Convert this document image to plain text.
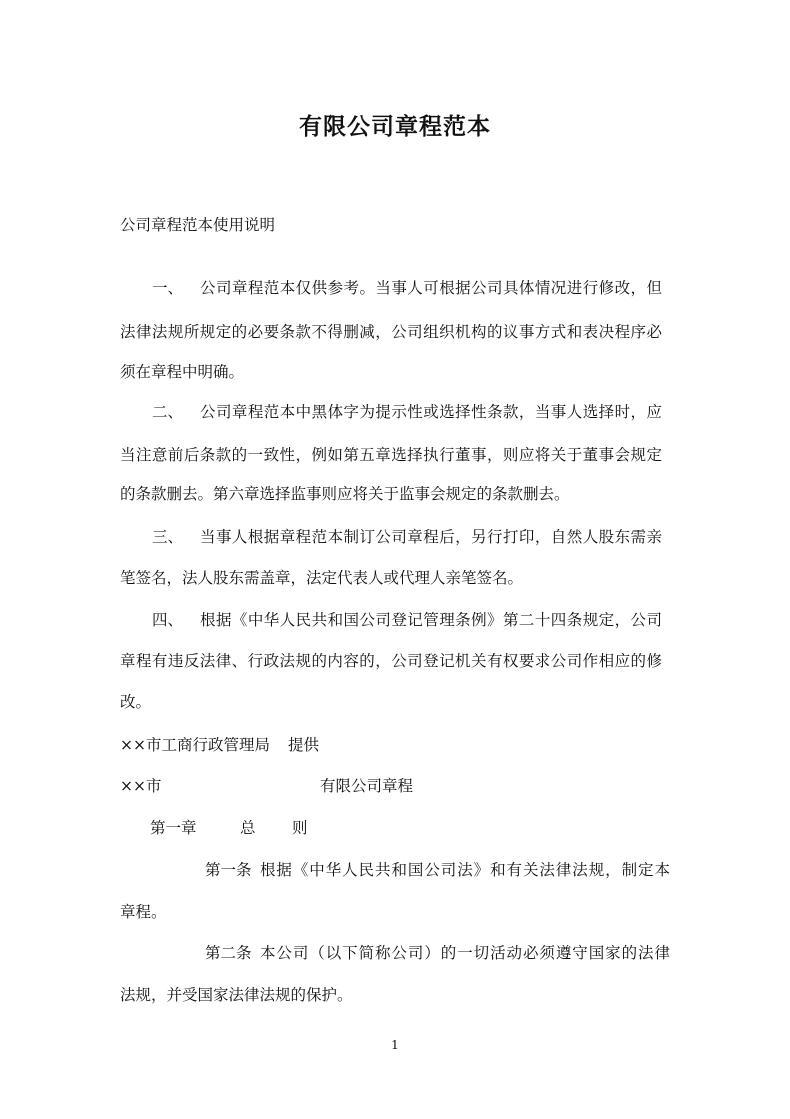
有限公司章程范本
公司章程范本使用说明
一、 公司章程范本仅供参考。当事人可根据公司具体情况进行修改，但
法律法规所规定的必要条款不得删减，公司组织机构的议事方式和表决程序必
须在章程中明确。
二、 公司章程范本中黑体字为提示性或选择性条款，当事人选择时，应
当注意前后条款的一致性，例如第五章选择执行董事，则应将关于董事会规定
的条款删去。第六章选择监事则应将关于监事会规定的条款删去。
三、 当事人根据章程范本制订公司章程后，另行打印，自然人股东需亲
笔签名，法人股东需盖章，法定代表人或代理人亲笔签名。
四、 根据《中华人民共和国公司登记管理条例》第二十四条规定，公司
章程有违反法律、行政法规的内容的，公司登记机关有权要求公司作相应的修
改。
××市工商行政管理局 提供
××市	有限公司章程
第一章	总 则
第一条 根据《中华人民共和国公司法》和有关法律法规，制定本
章程。
第二条 本公司（以下简称公司）的一切活动必须遵守国家的法律
法规，并受国家法律法规的保护。
1
